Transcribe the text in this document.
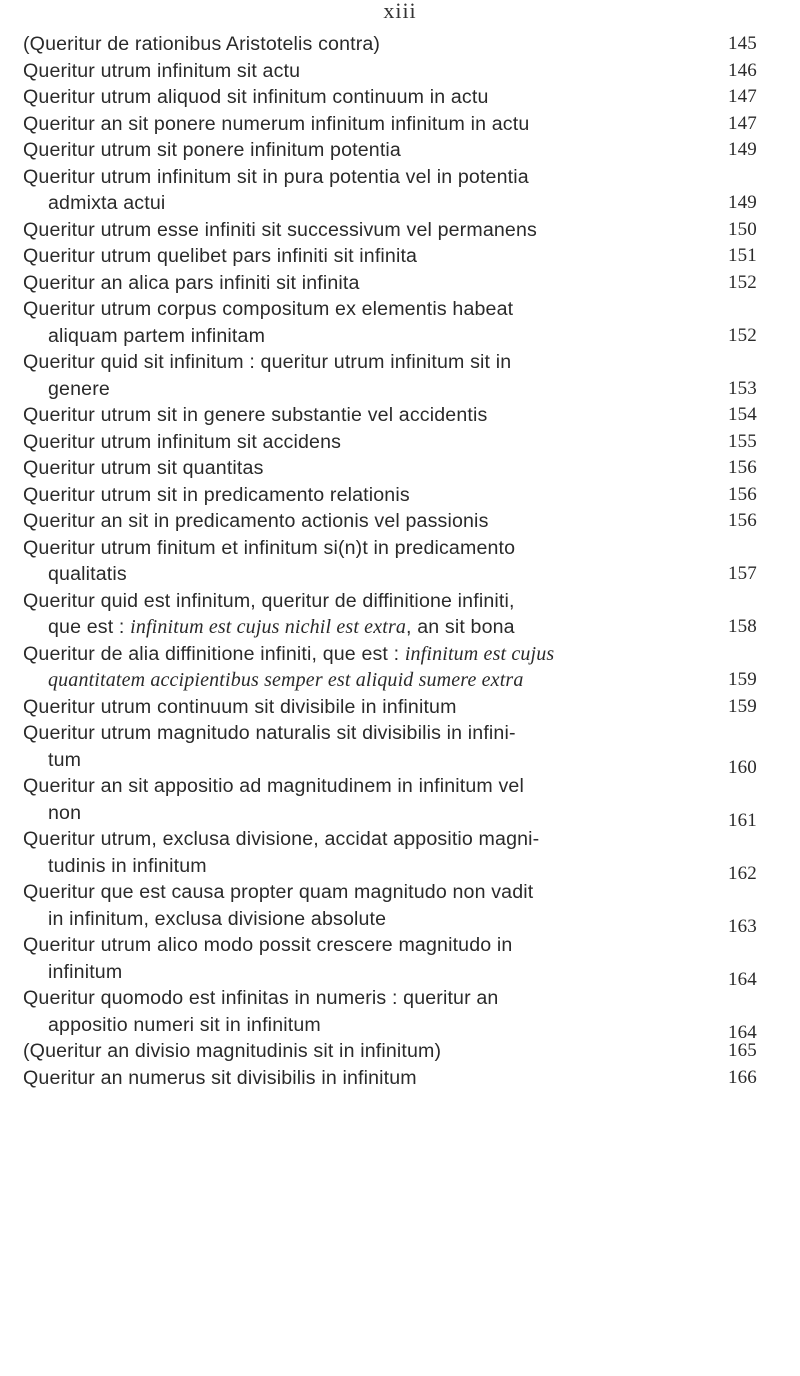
xiii
(Queritur de rationibus Aristotelis contra)	145
Queritur utrum infinitum sit actu	146
Queritur utrum aliquod sit infinitum continuum in actu	147
Queritur an sit ponere numerum infinitum infinitum in actu	147
Queritur utrum sit ponere infinitum potentia	149
Queritur utrum infinitum sit in pura potentia vel in potentia
admixta actui	149
Queritur utrum esse infiniti sit successivum vel permanens	150
Queritur utrum quelibet pars infiniti sit infinita	151
Queritur an alica pars infiniti sit infinita	152
Queritur utrum corpus compositum ex elementis habeat
aliquam partem infinitam	152
Queritur quid sit infinitum : queritur utrum infinitum sit in
genere	153
Queritur utrum sit in genere substantie vel accidentis	154
Queritur utrum infinitum sit accidens	155
Queritur utrum sit quantitas	156
Queritur utrum sit in predicamento relationis	156
Queritur an sit in predicamento actionis vel passionis	156
Queritur utrum finitum et infinitum si(n)t in predicamento
qualitatis	157
Queritur quid est infinitum, queritur de diffinitione infiniti,
que est : infinitum est cujus nichil est extra, an sit bona	158
Queritur de alia diffinitione infiniti, que est : infinitum est cujus
quantitatem accipientibus semper est aliquid sumere extra	159
Queritur utrum continuum sit divisibile in infinitum	159
Queritur utrum magnitudo naturalis sit divisibilis in infini-
tum	160
Queritur an sit appositio ad magnitudinem in infinitum vel
non	161
Queritur utrum, exclusa divisione, accidat appositio magni-
tudinis in infinitum	162
Queritur que est causa propter quam magnitudo non vadit
in infinitum, exclusa divisione absolute	163
Queritur utrum alico modo possit crescere magnitudo in
infinitum	164
Queritur quomodo est infinitas in numeris : queritur an
appositio numeri sit in infinitum	164
(Queritur an divisio magnitudinis sit in infinitum)	165
Queritur an numerus sit divisibilis in infinitum	166
